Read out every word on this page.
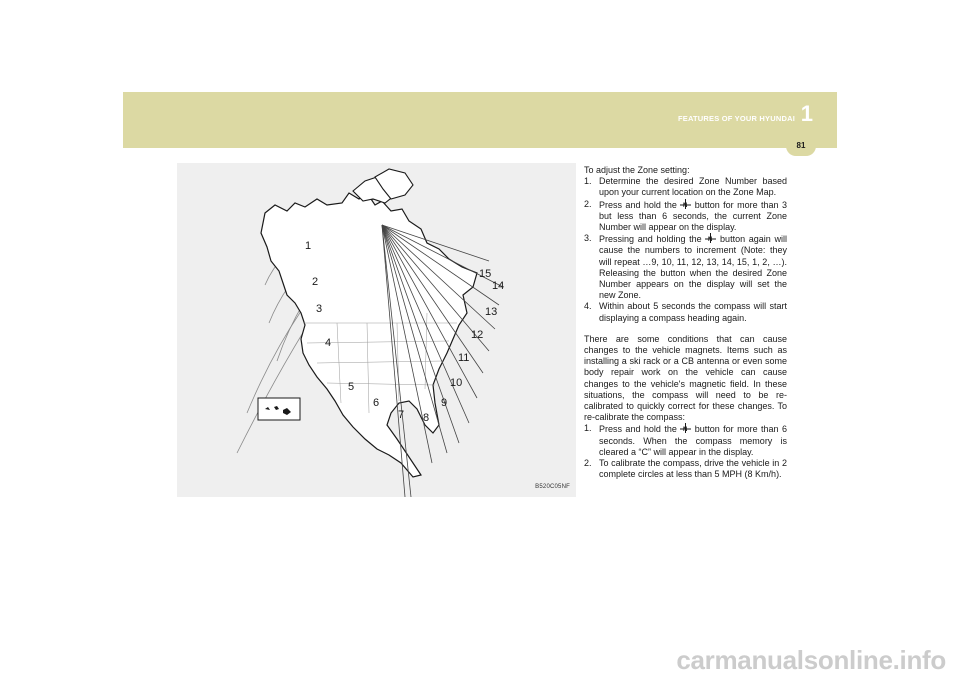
FEATURES OF YOUR HYUNDAI 1
81
1
2
3
4
5
6
7 8
9
10
11
12
13
14
15
B520C05NF
To adjust the Zone setting:
1. Determine the desired Zone Number based upon your current location on the Zone Map.
2. Press and hold the N button for more than 3 but less than 6 seconds, the current Zone Number will appear on the display.
3. Pressing and holding the N button again will cause the numbers to increment (Note: they will repeat …9, 10, 11, 12, 13, 14, 15, 1, 2, …). Releasing the button when the desired Zone Number appears on the display will set the new Zone.
4. Within about 5 seconds the compass will start displaying a compass heading again.
There are some conditions that can cause changes to the vehicle magnets. Items such as installing a ski rack or a CB antenna or even some body repair work on the vehicle can cause changes to the vehicle's magnetic field. In these situations, the compass will need to be re-calibrated to quickly correct for these changes. To re-calibrate the compass:
1. Press and hold the N button for more than 6 seconds. When the compass memory is cleared a “C” will appear in the display.
2. To calibrate the compass, drive the vehicle in 2 complete circles at less than 5 MPH (8 Km/h).
carmanualsonline.info
